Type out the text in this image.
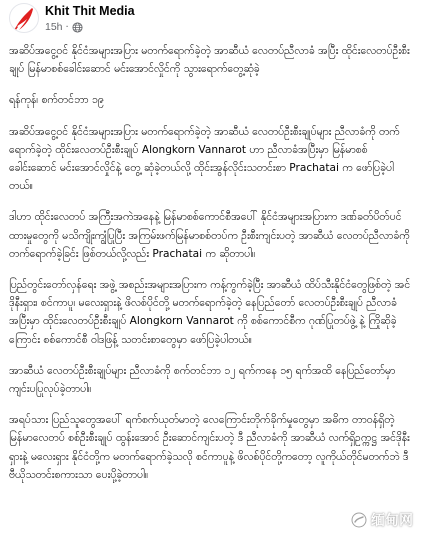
Khit Thit Media
15h ·

အဆိပ်အငွေ့ဝင် နိုင်ငံအများအပြား မတက်ရောက်ခဲ့တဲ့ အာဆီယံ လေတပ်ညီလာခံ အပြီး ထိုင်းလေတပ်ဦးစီးချုပ် မြန်မာစစ်ခေါင်းဆောင် မင်းအောင်လှိုင်ကို သွားရောက်တွေ့ဆုံခဲ့

ရန်ကုန်၊ စက်တင်ဘာ ၁၉

အဆိပ်အငွေ့ဝင် နိုင်ငံအများအပြား မတက်ရောက်ခဲ့တဲ့ အာဆီယံ လေတပ်ဦးစီးချုပ်များ ညီလာခံကို တက်ရောက်ခဲ့တဲ့ ထိုင်းလေတပ်ဦးစီးချုပ် Alongkorn Vannarot ဟာ ညီလာခံအပြီးမှာ မြန်မာစစ်ခေါင်းဆောင် မင်းအောင်လှိုင်နဲ့ တွေ့ ဆုံခဲ့တယ်လို့ ထိုင်းအွန်လိုင်းသတင်းစာ Prachatai က ဖော်ပြခဲ့ပါတယ်။

ဒါဟာ ထိုင်းလေတပ် အကြီးအကဲအနေနဲ့ မြန်မာစစ်ကောင်စီအပေါ် နိုင်ငံအများအပြားက ဒဏ်ခတ်ပိတ်ပင်ထားမှုတွေကို မသိကျိုးကျွံပြုပြီး အကြမ်းဖက်မြန်မာစစ်တပ်က ဦးစီးကျင်းပတဲ့ အာဆီယံ လေတပ်ညီလာခံကို တက်ရောက်ခဲ့ခြင်း ဖြစ်တယ်လို့လည်း Prachatai က ဆိုတာပါ။

ပြည်တွင်းတော်လှန်ရေး အဖွဲ့ အစည်းအများအပြားက ကန့်ကွက်ခဲ့ပြီး အာဆီယံ ထိပ်သီးနိုင်ငံတွေဖြစ်တဲ့ အင်ဒိုနီးရှား၊ စင်ကာပူ၊ မလေးရှားနဲ့ ဖိလစ်ပိုင်တို့ မတက်ရောက်ခဲ့တဲ့ နေပြည်တော် လေတပ်ဦးစီးချုပ် ညီလာခံအပြီးမှာ ထိုင်းလေတပ်ဦးစီးချုပ် Alongkorn Vannarot ကို စစ်ကောင်စီက ဂုဏ်ပြုတပ်ဖွဲ့ နဲ့ ကြိုဆိုခဲ့ကြောင်း စစ်ကောင်စီ ဝါဒဖြန့် သတင်းစာတွေမှာ ဖော်ပြခဲ့ပါတယ်။

အာဆီယံ လေတပ်ဦးစီးချုပ်များ ညီလာခံကို စက်တင်ဘာ ၁၂ ရက်ကနေ ၁၅ ရက်အထိ နေပြည်တော်မှာ ကျင်းပပြုလုပ်ခဲ့တာပါ။

အရပ်သား ပြည်သူတွေအပေါ် ရက်စက်ယုတ်မာတဲ့ လေကြောင်းတိုက်ခိုက်မှုတွေမှာ အဓိက တာဝန်ရှိတဲ့ မြန်မာလေတပ် စစ်ဦးစီးချုပ် ထွန်းအောင် ဦးဆောင်ကျင်းပတဲ့ ဒီ ညီလာခံကို အာဆီယံ လက်ရှိဥက္ကဋ္ဌ အင်ဒိုနီးရှားနဲ့ မလေးရှား နိုင်ငံတို့က မတက်ရောက်ခဲ့သလို စင်ကာပူနဲ့ ဖိလစ်ပိုင်တို့ကတော့ လူကိုယ်တိုင်မတက်ဘဲ ဒီဗီယိုသတင်းစကားသာ ပေးပို့ခဲ့တာပါ။

缅甸网
